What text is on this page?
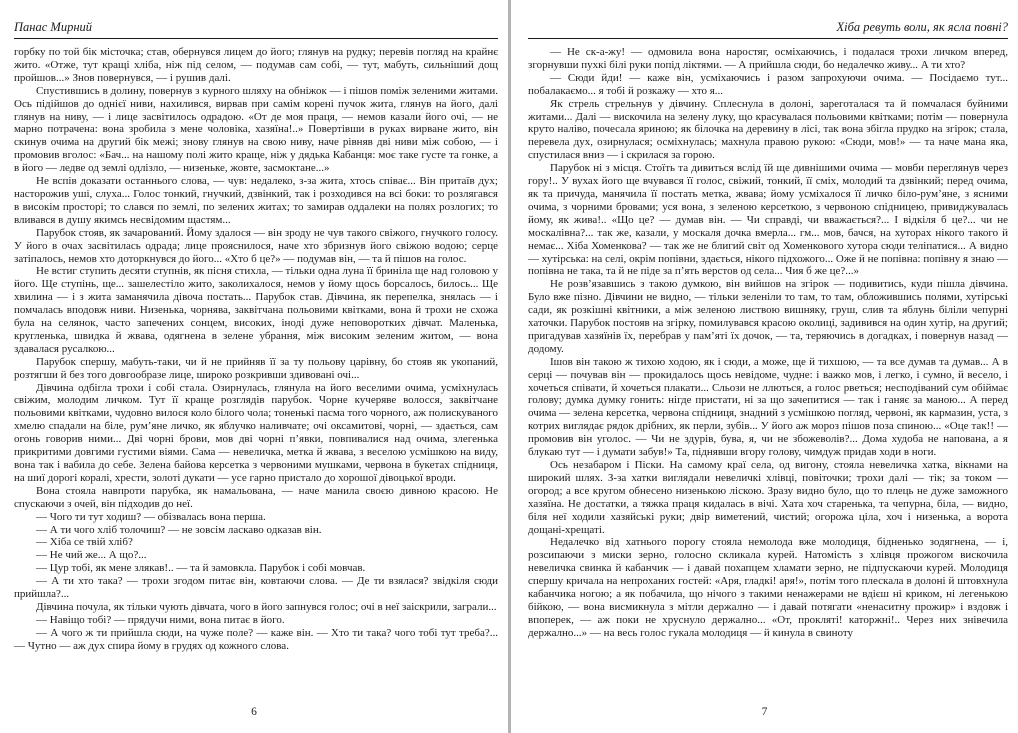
Панас Мирний

горбку по той бік місточка; став, обернувся лицем до його; глянув на рудку; перевів погляд на крайнє жито. «Отже, тут кращі хліба, ніж під селом, — подумав сам собі, — тут, мабуть, сильніший дощ пройшов...» Знов повернувся, — і рушив далі.

Спустившись в долину, повернув з курного шляху на обніжок — і пішов поміж зеленими житами. Ось підійшов до однієї ниви, нахилився, вирвав при самім корені пучок жита, глянув на його, далі глянув на ниву, — і лице засвітилось одрадою. «От де моя праця, — немов казали його очі, — не марно потрачена: вона зробила з мене чоловіка, хазяїна!..» Повертівши в руках вирване жито, він скинув очима на другий бік межі; знову глянув на свою ниву, наче рівняв дві ниви між собою, — і промовив вголос: «Бач... на нашому полі жито краще, ніж у дядька Кабанця: моє таке густе та гонке, а в його — ледве од землі одлізло, — низеньке, жовте, засмоктане...»

Не вспів доказати останнього слова, — чув: недалеко, з-за жита, хтось співає... Він притаїв дух; насторожив уші, слуха... Голос тонкий, гнучкий, дзвінкий, так і розходився на всі боки: то розлягався в високім просторі; то слався по землі, по зелених житах; то замирав оддалеки на полях розлогих; то вливався в душу якимсь несвідомим щастям...

Парубок стояв, як зачарований. Йому здалося — він зроду не чув такого свіжого, гнучкого голосу. У його в очах засвітилась одрада; лице прояснилося, наче хто збризнув його свіжою водою; серце затіпалось, немов хто доторкнувся до його... «Хто б це?» — подумав він, — та й пішов на голос.

Не встиг ступить десяти ступнів, як пісня стихла, — тільки одна луна її бриніла ще над головою у його. Ще ступінь, ще... зашелестіло жито, заколихалося, немов у йому щось борсалось, билось... Ще хвилина — і з жита заманячила дівоча постать... Парубок став. Дівчина, як перепелка, знялась — і помчалась вподовж ниви. Низенька, чорнява, заквітчана польовими квітками, вона й трохи не схожа була на селянок, часто запечених сонцем, високих, іноді дуже неповоротких дівчат. Маленька, кругленька, швидка й жвава, одягнена в зелене убрання, між високим зеленим житом, — вона здавалася русалкою...

Парубок спершу, мабуть-таки, чи й не прийняв її за ту польову царівну, бо стояв як укопаний, розтягши й без того довгообразе лице, широко розкривши здивовані очі...

Дівчина одбігла трохи і собі стала. Озирнулась, глянула на його веселими очима, усміхнулась свіжим, молодим личком. Тут її краще розглядів парубок. Чорне кучеряве волосся, заквітчане польовими квітками, чудовно вилося коло білого чола; тоненькі пасма того чорного, аж полискуваного хмелю спадали на біле, рум’яне личко, як яблучко наливчате; очі оксамитові, чорні, — здається, сам огонь говорив ними... Дві чорні брови, мов дві чорні п’явки, повпивалися над очима, злегенька прикритими довгими густими віями. Сама — невеличка, метка й жвава, з веселою усмішкою на виду, вона так і вабила до себе. Зелена байова керсетка з червоними мушками, червона в букетах спідниця, на шиї дорогі коралі, хрести, золоті дукати — усе гарно пристало до хорошої дівоцької вроди.

Вона стояла навпроти парубка, як намальована, — наче манила своєю дивною красою. Не спускаючи з очей, він підходив до неї.

— Чого ти тут ходиш? — обізвалась вона перша.

— А ти чого хліб толочиш? — не зовсім ласкаво одказав він.

— Хіба се твій хліб?

— Не чий же... А що?...

— Цур тобі, як мене злякав!.. — та й замовкла. Парубок і собі мовчав.

— А ти хто така? — трохи згодом питає він, ковтаючи слова. — Де ти взялася? звідкіля сюди прийшла?...

Дівчина почула, як тільки чують дівчата, чого в його запнувся голос; очі в неї заіскрили, заграли...

— Навіщо тобі? — прядучи ними, вона питає в його.

— А чого ж ти прийшла сюди, на чуже поле? — каже він. — Хто ти така? чого тобі тут треба?... — Чутно — аж дух спира йому в грудях од кожного слова.

6
Хіба ревуть воли, як ясла повні?

— Не ск-а-жу! — одмовила вона наростяг, осміхаючись, і подалася трохи личком вперед, згорнувши пухкі білі руки попід ліктями. — А прийшла сюди, бо недалечко живу... А ти хто?

— Сюди йди! — каже він, усміхаючись і разом запрохуючи очима. — Посідаємо тут... побалакаємо... я тобі й розкажу — хто я...

Як стрель стрельнув у дівчину. Сплеснула в долоні, зареготалася та й помчалася буйними житами... Далі — вискочила на зелену луку, що красувалася польовими квітками; потім — повернула круто наліво, почесала яриною; як білочка на деревину в лісі, так вона збігла прудко на згірок; стала, перевела дух, озирнулася; осміхнулась; махнула правою рукою: «Сюди, мов!» — та наче мана яка, спустилася вниз — і скрилася за горою.

Парубок ні з місця. Стоїть та дивиться вслід їй ще дивнішими очима — мовби переглянув через гору!.. У вухах його ще вчувався її голос, свіжий, тонкий, її сміх, молодий та дзвінкий; перед очима, як та причуда, манячила її постать метка, жвава; йому усміхалося її личко біло-рум’яне, з ясними очима, з чорними бровами; уся вона, з зеленою керсеткою, з червоною спідницею, привиджувалась йому, як жива!.. «Що це? — думав він. — Чи справді, чи вважається?... І відкіля б це?... чи не москалівна?... так же, казали, у москаля дочка вмерла... гм... мов, бачся, на хуторах нікого такого й немає... Хіба Хоменкова? — так же не блигий світ од Хоменкового хутора сюди теліпатися... А видно — хутірська: на селі, окрім попівни, здається, нікого підхожого... Оже й не попівна: попівну я знаю — попівна не така, та й не піде за п’ять верстов од села... Чия б же це?...»

Не розв’язавшись з такою думкою, він вийшов на згірок — подивитись, куди пішла дівчина. Було вже пізно. Дівчини не видно, — тільки зеленіли то там, то там, обложившись полями, хутірські сади, як розкішні квітники, а між зеленою листвою вишняку, груш, слив та яблунь біліли чепурні хаточки. Парубок постояв на згірку, помилувався красою околиці, задивився на один хутір, на другий; пригадував хазяїнів їх, перебрав у пам’яті їх дочок, — та, теряючись в догадках, і повернув назад — додому.

Ішов він такою ж тихою ходою, як і сюди, а може, ще й тихшою, — та все думав та думав... А в серці — почував він — прокидалось щось невідоме, чудне: і важко мов, і легко, і сумно, й весело, і хочеться співати, й хочеться плакати... Сльози не ллються, а голос рветься; несподіваний сум обіймає голову; думка думку гонить: нігде пристати, ні за що зачепитися — так і ганяє за маною... А перед очима — зелена керсетка, червона спідниця, знадний з усмішкою погляд, червоні, як кармазин, уста, з котрих виглядає рядок дрібних, як перли, зубів... У його аж мороз пішов поза спиною... «Оце так!! — промовив він уголос. — Чи не здурів, бува, я, чи не збожеволів?... Дома худоба не напована, а я блукаю тут — і думати забув!» Та, піднявши вгору голову, чимдуж придав ходи в ноги.

Ось незабаром і Піски. На самому краї села, од вигону, стояла невеличка хатка, вікнами на широкий шлях. З-за хатки виглядали невеличкі хлівці, повіточки; трохи далі — тік; за током — огород; а все кругом обнесено низенькою ліскою. Зразу видно було, що то плець не дуже заможного хазяїна. Не достатки, а тяжка праця кидалась в вічі. Хата хоч старенька, та чепурна, біла, — видно, біля неї ходили хазяйські руки; двір виметений, чистий; огорожа ціла, хоч і низенька, а ворота дощані-хрещаті.

Недалечко від хатнього порогу стояла немолода вже молодиця, бідненько зодягнена, — і, розсипаючи з миски зерно, голосно скликала курей. Натомість з хлівця прожогом вискочила невеличка свинка й кабанчик — і давай похапцем хламати зерно, не підпускаючи курей. Молодиця спершу кричала на непроханих гостей: «Аря, гладкі! аря!», потім того плескала в долоні й штовхнула кабанчика ногою; а як побачила, що нічого з такими ненажерами не вдієш ні криком, ні легенькою бійкою, — вона висмикнула з мітли держално — і давай потягати «ненаситну прожир» і вздовж і впоперек, — аж поки не хруснуло держално... «От, прокляті! каторжні!.. Через них знівечила держално...» — на весь голос гукала молодиця — й кинула в свиноту

7
